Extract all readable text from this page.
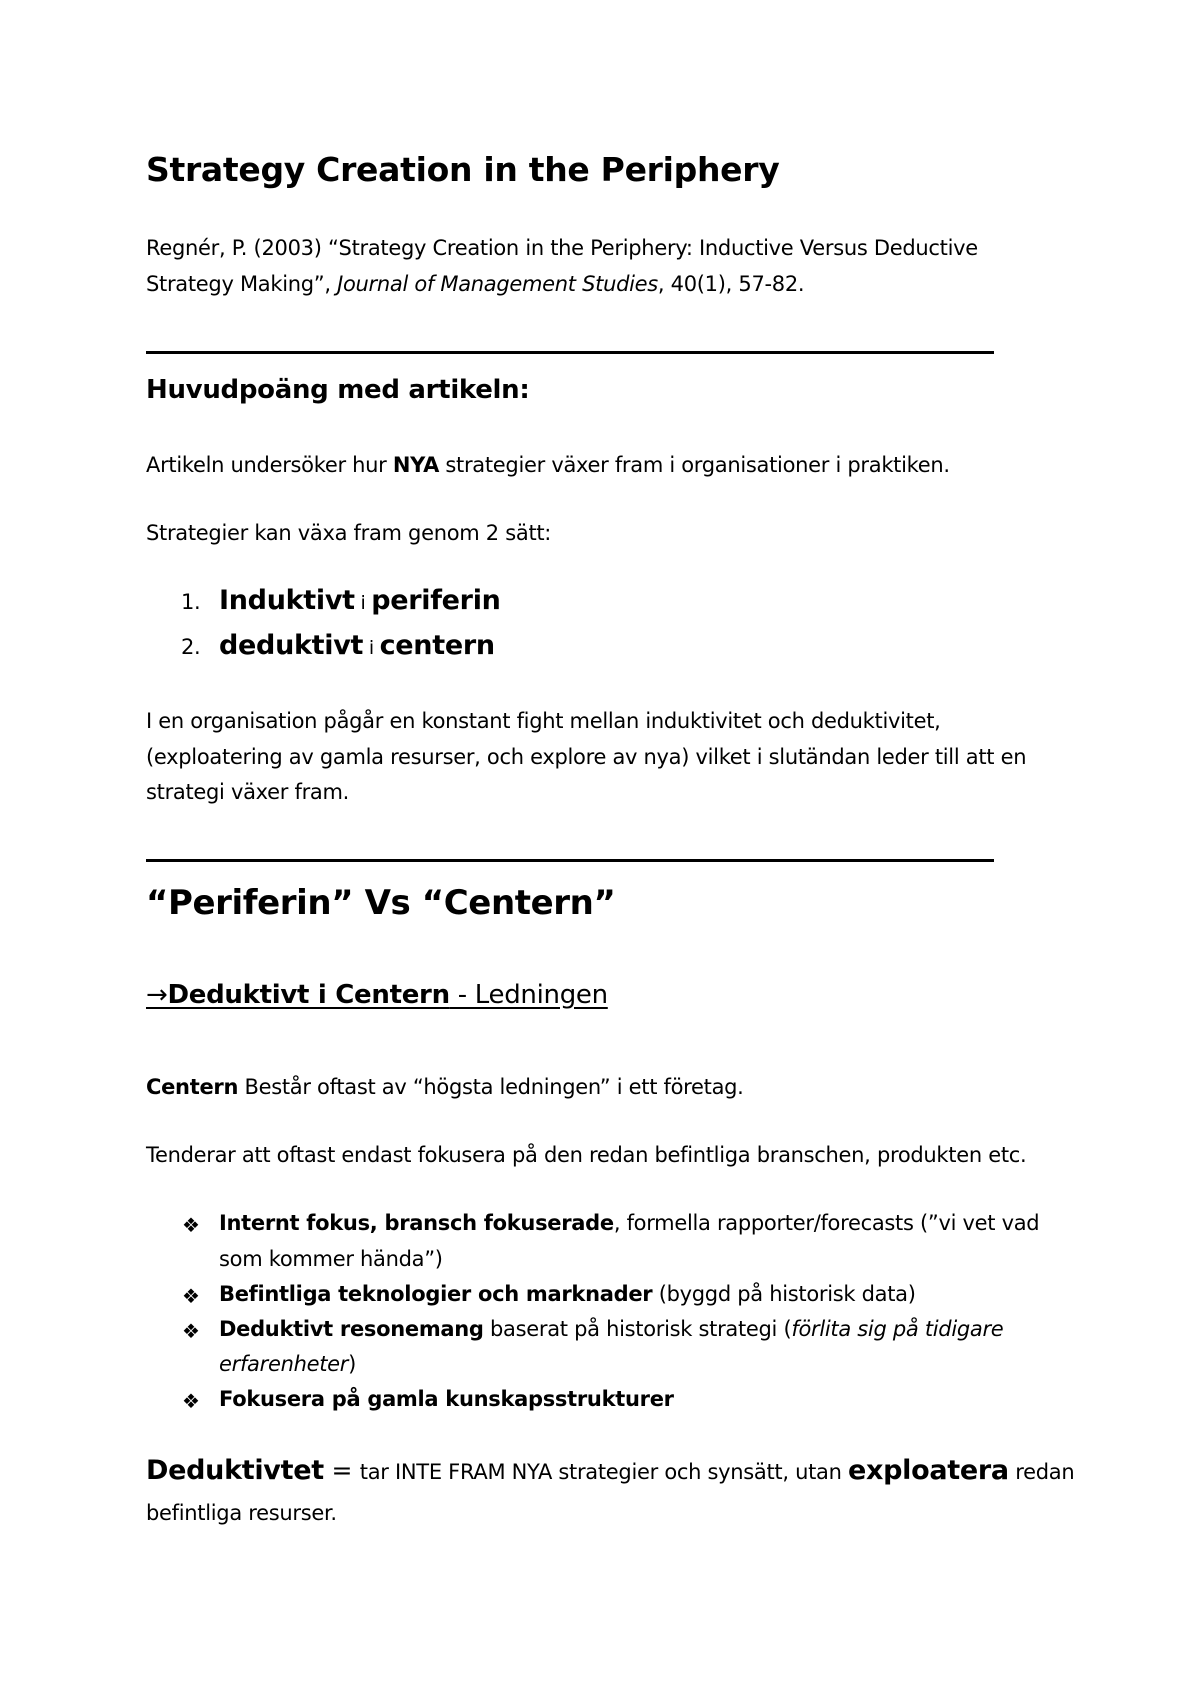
Strategy Creation in the Periphery
Regnér, P. (2003) “Strategy Creation in the Periphery: Inductive Versus Deductive
Strategy Making”, Journal of Management Studies, 40(1), 57-82.
Huvudpoäng med artikeln:
Artikeln undersöker hur NYA strategier växer fram i organisationer i praktiken.
Strategier kan växa fram genom 2 sätt:
1. Induktivt i periferin
2. deduktivt i centern
I en organisation pågår en konstant fight mellan induktivitet och deduktivitet,
(exploatering av gamla resurser, och explore av nya) vilket i slutändan leder till att en
strategi växer fram.
“Periferin” Vs “Centern”
→Deduktivt i Centern - Ledningen
Centern Består oftast av “högsta ledningen” i ett företag.
Tenderar att oftast endast fokusera på den redan befintliga branschen, produkten etc.
❖ Internt fokus, bransch fokuserade, formella rapporter/forecasts (”vi vet vad
som kommer hända”)
❖ Befintliga teknologier och marknader (byggd på historisk data)
❖ Deduktivt resonemang baserat på historisk strategi (förlita sig på tidigare
erfarenheter)
❖ Fokusera på gamla kunskapsstrukturer
Deduktivtet = tar INTE FRAM NYA strategier och synsätt, utan exploatera redan
befintliga resurser.
